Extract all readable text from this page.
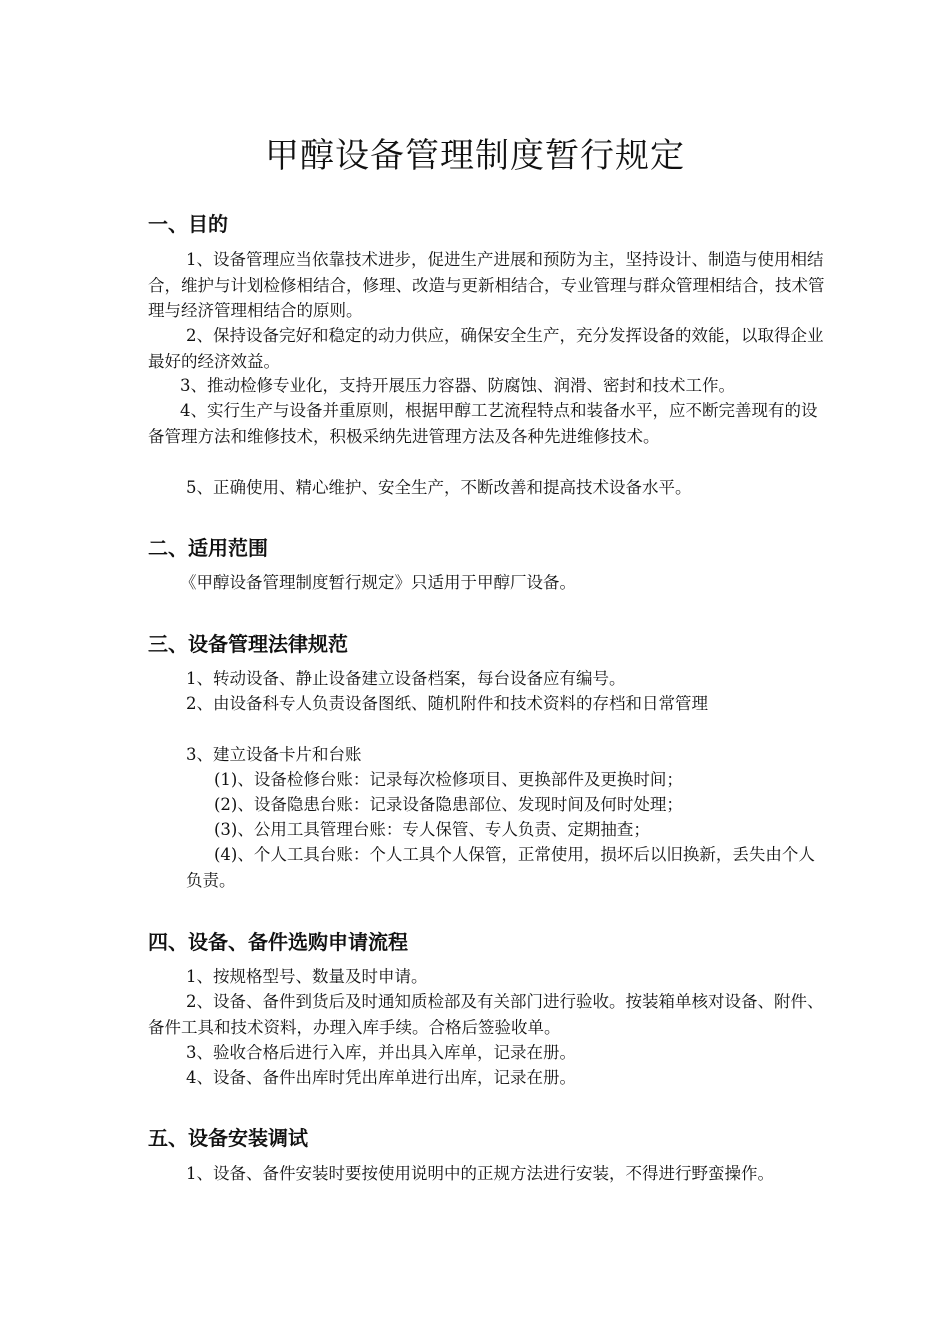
甲醇设备管理制度暂行规定
一、目的

1、设备管理应当依靠技术进步，促进生产进展和预防为主，坚持设计、制造与使用相结合，维护与计划检修相结合，修理、改造与更新相结合，专业管理与群众管理相结合，技术管理与经济管理相结合的原则。

2、保持设备完好和稳定的动力供应，确保安全生产，充分发挥设备的效能，以取得企业最好的经济效益。

3、推动检修专业化，支持开展压力容器、防腐蚀、润滑、密封和技术工作。

4、实行生产与设备并重原则，根据甲醇工艺流程特点和装备水平，应不断完善现有的设备管理方法和维修技术，积极采纳先进管理方法及各种先进维修技术。

5、正确使用、精心维护、安全生产，不断改善和提高技术设备水平。

二、适用范围

《甲醇设备管理制度暂行规定》只适用于甲醇厂设备。

三、设备管理法律规范

1、转动设备、静止设备建立设备档案，每台设备应有编号。

2、由设备科专人负责设备图纸、随机附件和技术资料的存档和日常管理

3、建立设备卡片和台账

(1)、设备检修台账：记录每次检修项目、更换部件及更换时间；

(2)、设备隐患台账：记录设备隐患部位、发现时间及何时处理；

(3)、公用工具管理台账：专人保管、专人负责、定期抽查；

(4)、个人工具台账：个人工具个人保管，正常使用，损坏后以旧换新，丢失由个人负责。

四、设备、备件选购申请流程

1、按规格型号、数量及时申请。

2、设备、备件到货后及时通知质检部及有关部门进行验收。按装箱单核对设备、附件、备件工具和技术资料，办理入库手续。合格后签验收单。

3、验收合格后进行入库，并出具入库单，记录在册。

4、设备、备件出库时凭出库单进行出库，记录在册。

五、设备安装调试

1、设备、备件安装时要按使用说明中的正规方法进行安装，不得进行野蛮操作。
